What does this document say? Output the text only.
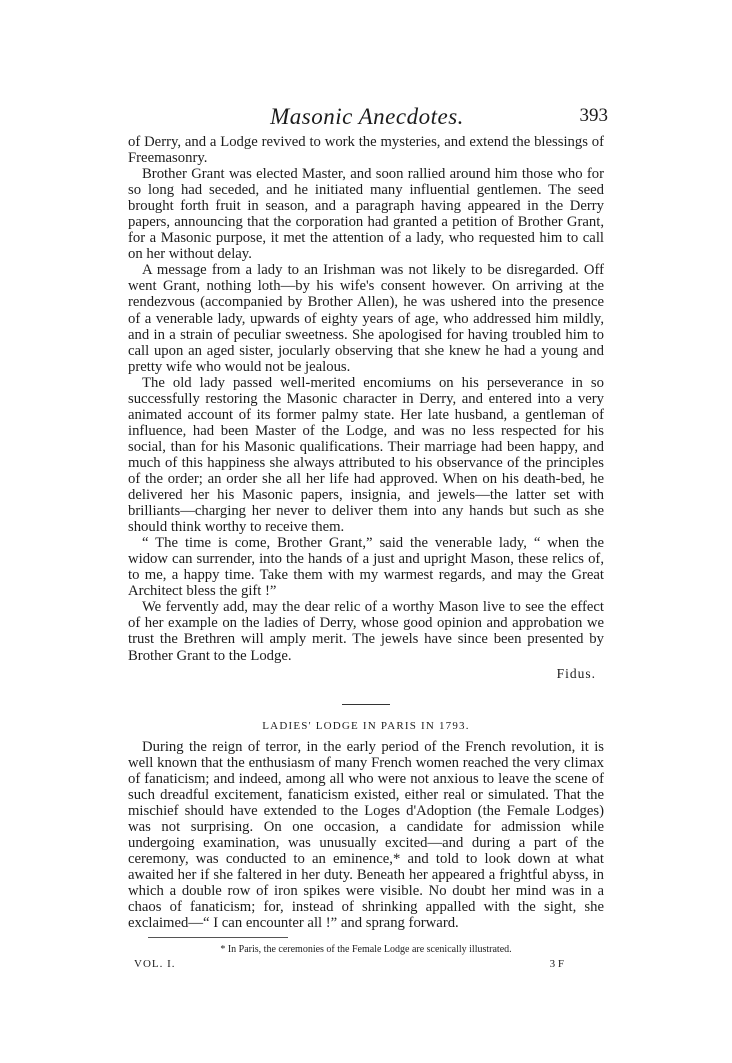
Masonic Anecdotes.	393

of Derry, and a Lodge revived to work the mysteries, and extend the blessings of Freemasonry.

Brother Grant was elected Master, and soon rallied around him those who for so long had seceded, and he initiated many influential gentlemen. The seed brought forth fruit in season, and a paragraph having appeared in the Derry papers, announcing that the corporation had granted a petition of Brother Grant, for a Masonic purpose, it met the attention of a lady, who requested him to call on her without delay.

A message from a lady to an Irishman was not likely to be disregarded. Off went Grant, nothing loth—by his wife's consent however. On arriving at the rendezvous (accompanied by Brother Allen), he was ushered into the presence of a venerable lady, upwards of eighty years of age, who addressed him mildly, and in a strain of peculiar sweetness. She apologised for having troubled him to call upon an aged sister, jocularly observing that she knew he had a young and pretty wife who would not be jealous.

The old lady passed well-merited encomiums on his perseverance in so successfully restoring the Masonic character in Derry, and entered into a very animated account of its former palmy state. Her late husband, a gentleman of influence, had been Master of the Lodge, and was no less respected for his social, than for his Masonic qualifications. Their marriage had been happy, and much of this happiness she always attributed to his observance of the principles of the order; an order she all her life had approved. When on his death-bed, he delivered her his Masonic papers, insignia, and jewels—the latter set with brilliants—charging her never to deliver them into any hands but such as she should think worthy to receive them.

“ The time is come, Brother Grant,” said the venerable lady, “ when the widow can surrender, into the hands of a just and upright Mason, these relics of, to me, a happy time. Take them with my warmest regards, and may the Great Architect bless the gift !”

We fervently add, may the dear relic of a worthy Mason live to see the effect of her example on the ladies of Derry, whose good opinion and approbation we trust the Brethren will amply merit. The jewels have since been presented by Brother Grant to the Lodge.

Fidus.
LADIES' LODGE IN PARIS IN 1793.

During the reign of terror, in the early period of the French revolution, it is well known that the enthusiasm of many French women reached the very climax of fanaticism; and indeed, among all who were not anxious to leave the scene of such dreadful excitement, fanaticism existed, either real or simulated. That the mischief should have extended to the Loges d'Adoption (the Female Lodges) was not surprising. On one occasion, a candidate for admission while undergoing examination, was unusually excited—and during a part of the ceremony, was conducted to an eminence,* and told to look down at what awaited her if she faltered in her duty. Beneath her appeared a frightful abyss, in which a double row of iron spikes were visible. No doubt her mind was in a chaos of fanaticism; for, instead of shrinking appalled with the sight, she exclaimed—“ I can encounter all !” and sprang forward.

* In Paris, the ceremonies of the Female Lodge are scenically illustrated.

VOL. I.	3 F
